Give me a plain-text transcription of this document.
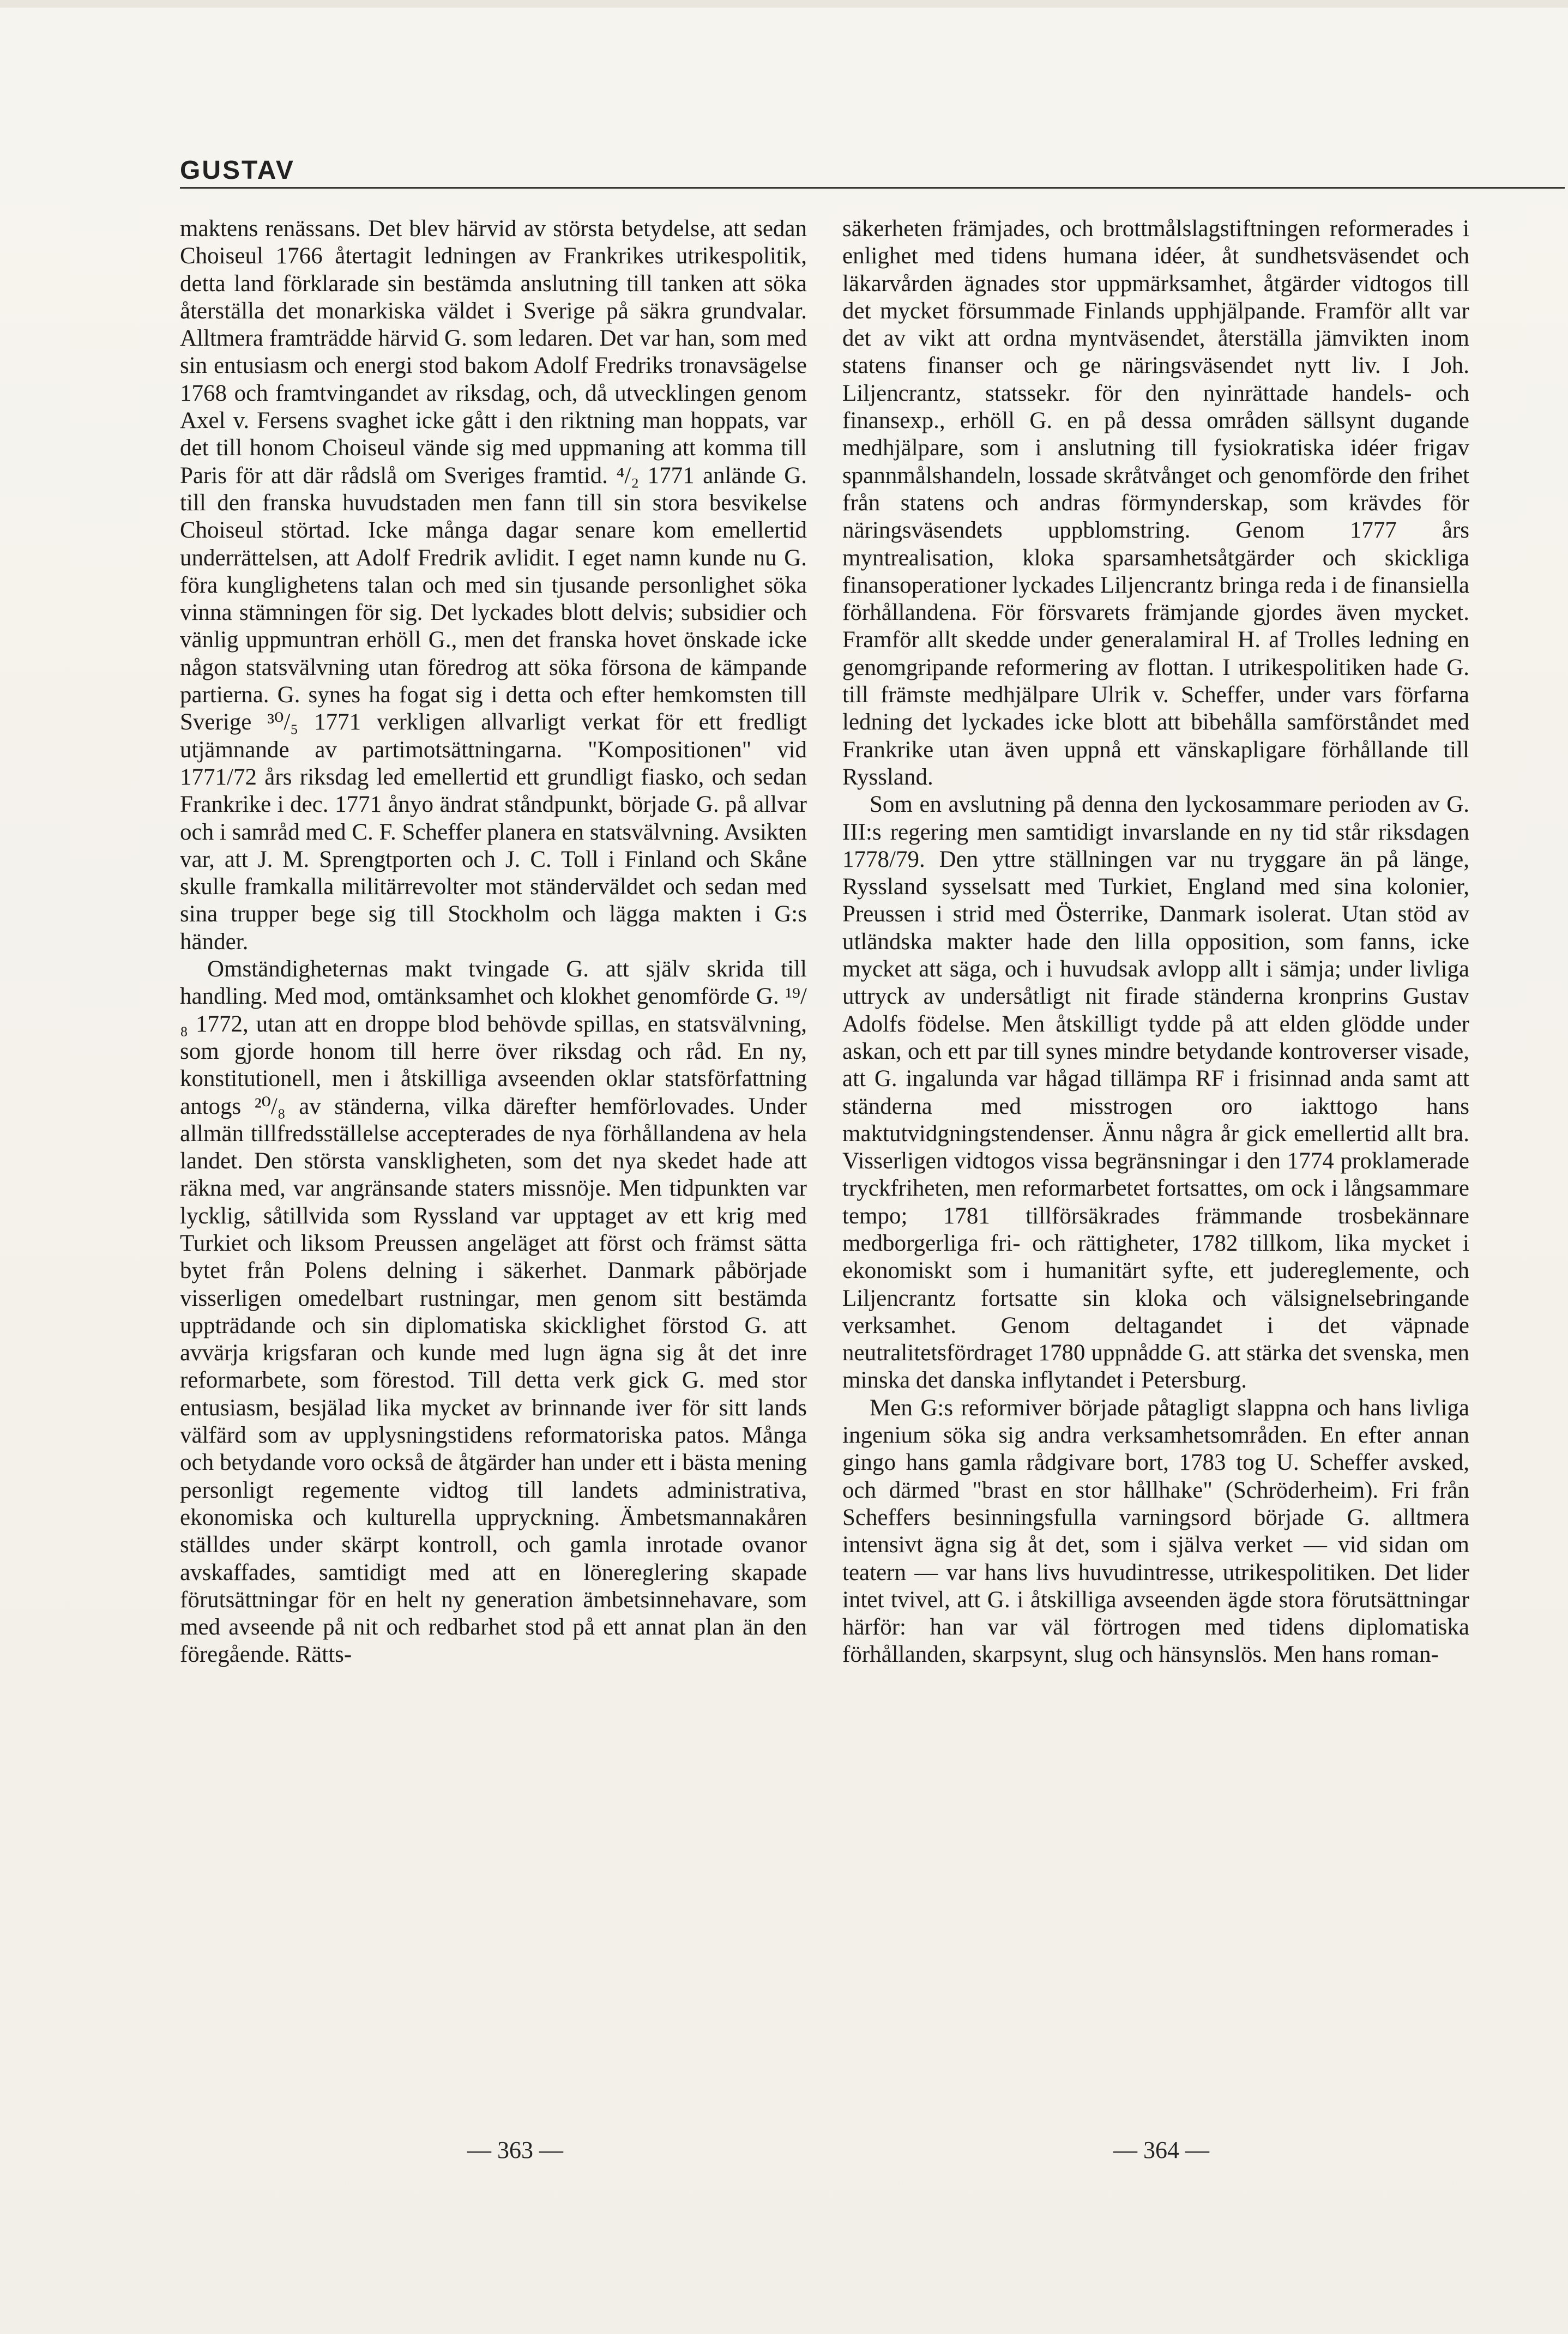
GUSTAV

maktens renässans. Det blev härvid av största betydelse, att sedan Choiseul 1766 återtagit ledningen av Frankrikes utrikespolitik, detta land förklarade sin bestämda anslutning till tanken att söka återställa det monarkiska väldet i Sverige på säkra grundvalar. Alltmera framträdde härvid G. som ledaren. Det var han, som med sin entusiasm och energi stod bakom Adolf Fredriks tronavsägelse 1768 och framtvingandet av riksdag, och, då utvecklingen genom Axel v. Fersens svaghet icke gått i den riktning man hoppats, var det till honom Choiseul vände sig med uppmaning att komma till Paris för att där rådslå om Sveriges framtid. ⁴/₂ 1771 anlände G. till den franska huvudstaden men fann till sin stora besvikelse Choiseul störtad. Icke många dagar senare kom emellertid underrättelsen, att Adolf Fredrik avlidit. I eget namn kunde nu G. föra kunglighetens talan och med sin tjusande personlighet söka vinna stämningen för sig. Det lyckades blott delvis; subsidier och vänlig uppmuntran erhöll G., men det franska hovet önskade icke någon statsvälvning utan föredrog att söka försona de kämpande partierna. G. synes ha fogat sig i detta och efter hemkomsten till Sverige ³⁰/₅ 1771 verkligen allvarligt verkat för ett fredligt utjämnande av partimotsättningarna. "Kompositionen" vid 1771/72 års riksdag led emellertid ett grundligt fiasko, och sedan Frankrike i dec. 1771 ånyo ändrat ståndpunkt, började G. på allvar och i samråd med C. F. Scheffer planera en statsvälvning. Avsikten var, att J. M. Sprengtporten och J. C. Toll i Finland och Skåne skulle framkalla militärrevolter mot ständerväldet och sedan med sina trupper bege sig till Stockholm och lägga makten i G:s händer.

Omständigheternas makt tvingade G. att själv skrida till handling. Med mod, omtänksamhet och klokhet genomförde G. ¹⁹/₈ 1772, utan att en droppe blod behövde spillas, en statsvälvning, som gjorde honom till herre över riksdag och råd. En ny, konstitutionell, men i åtskilliga avseenden oklar statsförfattning antogs ²⁰/₈ av ständerna, vilka därefter hemförlovades. Under allmän tillfredsställelse accepterades de nya förhållandena av hela landet. Den största vanskligheten, som det nya skedet hade att räkna med, var angränsande staters missnöje. Men tidpunkten var lycklig, såtillvida som Ryssland var upptaget av ett krig med Turkiet och liksom Preussen angeläget att först och främst sätta bytet från Polens delning i säkerhet. Danmark påbörjade visserligen omedelbart rustningar, men genom sitt bestämda uppträdande och sin diplomatiska skicklighet förstod G. att avvärja krigsfaran och kunde med lugn ägna sig åt det inre reformarbete, som förestod. Till detta verk gick G. med stor entusiasm, besjälad lika mycket av brinnande iver för sitt lands välfärd som av upplysningstidens reformatoriska patos. Många och betydande voro också de åtgärder han under ett i bästa mening personligt regemente vidtog till landets administrativa, ekonomiska och kulturella uppryckning. Ämbetsmannakåren ställdes under skärpt kontroll, och gamla inrotade ovanor avskaffades, samtidigt med att en lönereglering skapade förutsättningar för en helt ny generation ämbetsinnehavare, som med avseende på nit och redbarhet stod på ett annat plan än den föregående. Rätts-

säkerheten främjades, och brottmålslagstiftningen reformerades i enlighet med tidens humana idéer, åt sundhetsväsendet och läkarvården ägnades stor uppmärksamhet, åtgärder vidtogos till det mycket försummade Finlands upphjälpande. Framför allt var det av vikt att ordna myntväsendet, återställa jämvikten inom statens finanser och ge näringsväsendet nytt liv. I Joh. Liljencrantz, statssekr. för den nyinrättade handels- och finansexp., erhöll G. en på dessa områden sällsynt dugande medhjälpare, som i anslutning till fysiokratiska idéer frigav spannmålshandeln, lossade skråtvånget och genomförde den frihet från statens och andras förmynderskap, som krävdes för näringsväsendets uppblomstring. Genom 1777 års myntrealisation, kloka sparsamhetsåtgärder och skickliga finansoperationer lyckades Liljencrantz bringa reda i de finansiella förhållandena. För försvarets främjande gjordes även mycket. Framför allt skedde under generalamiral H. af Trolles ledning en genomgripande reformering av flottan. I utrikespolitiken hade G. till främste medhjälpare Ulrik v. Scheffer, under vars förfarna ledning det lyckades icke blott att bibehålla samförståndet med Frankrike utan även uppnå ett vänskapligare förhållande till Ryssland.

Som en avslutning på denna den lyckosammare perioden av G. III:s regering men samtidigt invarslande en ny tid står riksdagen 1778/79. Den yttre ställningen var nu tryggare än på länge, Ryssland sysselsatt med Turkiet, England med sina kolonier, Preussen i strid med Österrike, Danmark isolerat. Utan stöd av utländska makter hade den lilla opposition, som fanns, icke mycket att säga, och i huvudsak avlopp allt i sämja; under livliga uttryck av undersåtligt nit firade ständerna kronprins Gustav Adolfs födelse. Men åtskilligt tydde på att elden glödde under askan, och ett par till synes mindre betydande kontroverser visade, att G. ingalunda var hågad tillämpa RF i frisinnad anda samt att ständerna med misstrogen oro iakttogo hans maktutvidgningstendenser. Ännu några år gick emellertid allt bra. Visserligen vidtogos vissa begränsningar i den 1774 proklamerade tryckfriheten, men reformarbetet fortsattes, om ock i långsammare tempo; 1781 tillförsäkrades främmande trosbekännare medborgerliga fri- och rättigheter, 1782 tillkom, lika mycket i ekonomiskt som i humanitärt syfte, ett judereglemente, och Liljencrantz fortsatte sin kloka och välsignelsebringande verksamhet. Genom deltagandet i det väpnade neutralitetsfördraget 1780 uppnådde G. att stärka det svenska, men minska det danska inflytandet i Petersburg.

Men G:s reformiver började påtagligt slappna och hans livliga ingenium söka sig andra verksamhetsområden. En efter annan gingo hans gamla rådgivare bort, 1783 tog U. Scheffer avsked, och därmed "brast en stor hållhake" (Schröderheim). Fri från Scheffers besinningsfulla varningsord började G. alltmera intensivt ägna sig åt det, som i själva verket — vid sidan om teatern — var hans livs huvudintresse, utrikespolitiken. Det lider intet tvivel, att G. i åtskilliga avseenden ägde stora förutsättningar härför: han var väl förtrogen med tidens diplomatiska förhållanden, skarpsynt, slug och hänsynslös. Men hans roman-

— 363 —	— 364 —
